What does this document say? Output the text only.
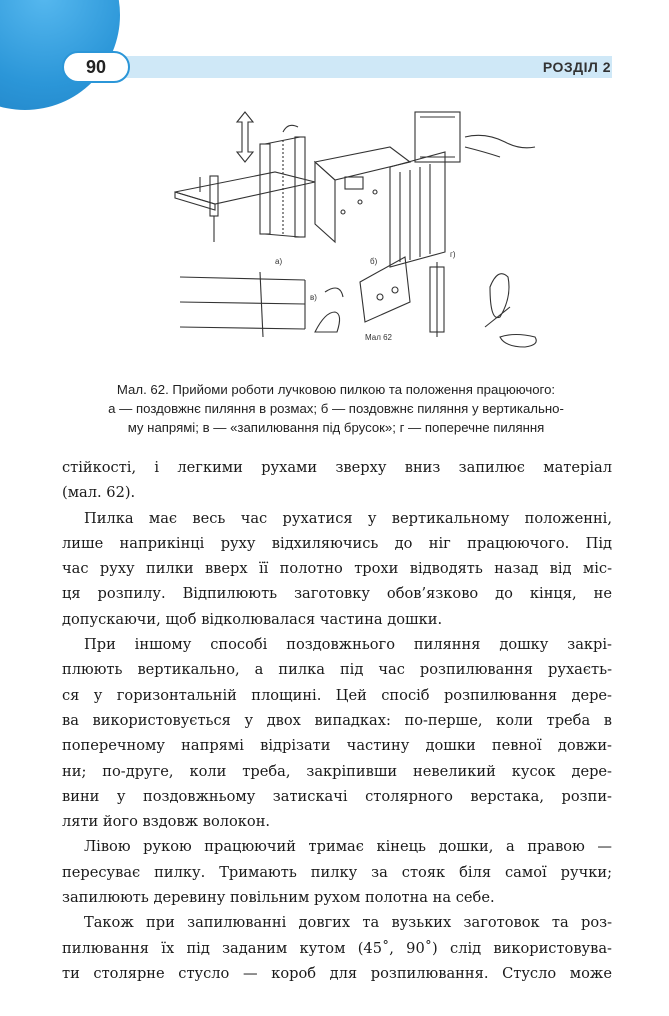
90	РОЗДІЛ 2
а)	б)
в)
г)
Мал 62
Мал. 62. Прийоми роботи лучковою пилкою та положення працюючого:
а — поздовжнє пиляння в розмах; б — поздовжнє пиляння у вертикально-
му напрямі; в — «запилювання під брусок»; г — поперечне пиляння

стійкості, і легкими рухами зверху вниз запилює матеріал
(мал. 62).

Пилка має весь час рухатися у вертикальному положенні,
лише наприкінці руху відхиляючись до ніг працюючого. Під
час руху пилки вверх її полотно трохи відводять назад від міс-
ця розпилу. Відпилюють заготовку обов’язково до кінця, не
допускаючи, щоб відколювалася частина дошки.

При іншому способі поздовжнього пиляння дошку закрі-
плюють вертикально, а пилка під час розпилювання рухаєть-
ся у горизонтальній площині. Цей спосіб розпилювання дере-
ва використовується у двох випадках: по-перше, коли треба в
поперечному напрямі відрізати частину дошки певної довжи-
ни; по-друге, коли треба, закріпивши невеликий кусок дере-
вини у поздовжньому затискачі столярного верстака, розпи-
ляти його вздовж волокон.

Лівою рукою працюючий тримає кінець дошки, а правою —
пересуває пилку. Тримають пилку за стояк біля самої ручки;
запилюють деревину повільним рухом полотна на себе.

Також при запилюванні довгих та вузьких заготовок та роз-
пилювання їх під заданим кутом (45˚, 90˚) слід використовува-
ти столярне стусло — короб для розпилювання. Стусло може
